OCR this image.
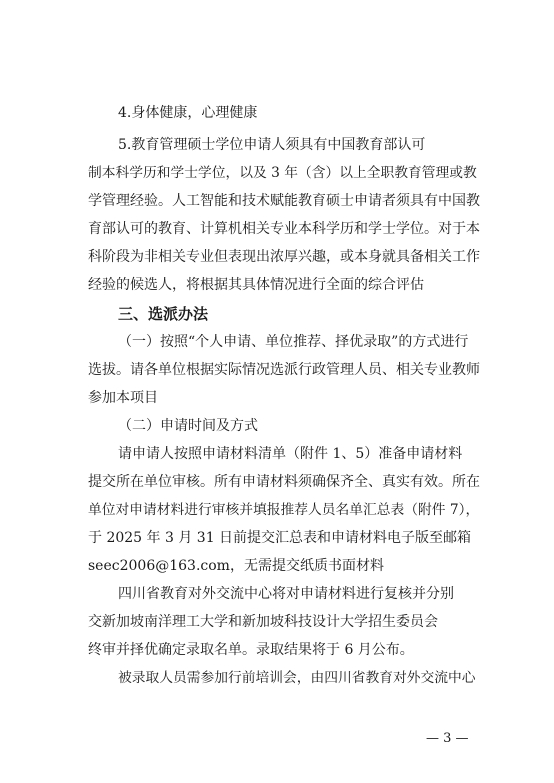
4.身体健康，心理健康
5.教育管理硕士学位申请人须具有中国教育部认可
制本科学历和学士学位，以及 3 年（含）以上全职教育管理或教
学管理经验。人工智能和技术赋能教育硕士申请者须具有中国教
育部认可的教育、计算机相关专业本科学历和学士学位。对于本
科阶段为非相关专业但表现出浓厚兴趣，或本身就具备相关工作
经验的候选人，将根据其具体情况进行全面的综合评估
三、选派办法
（一）按照“个人申请、单位推荐、择优录取”的方式进行
选拔。请各单位根据实际情况选派行政管理人员、相关专业教师
参加本项目
（二）申请时间及方式
请申请人按照申请材料清单（附件 1、5）准备申请材料
提交所在单位审核。所有申请材料须确保齐全、真实有效。所在
单位对申请材料进行审核并填报推荐人员名单汇总表（附件 7），
于 2025 年 3 月 31 日前提交汇总表和申请材料电子版至邮箱
seec2006@163.com，无需提交纸质书面材料
四川省教育对外交流中心将对申请材料进行复核并分别
交新加坡南洋理工大学和新加坡科技设计大学招生委员会
终审并择优确定录取名单。录取结果将于 6 月公布。
被录取人员需参加行前培训会，由四川省教育对外交流中心
— 3 —
